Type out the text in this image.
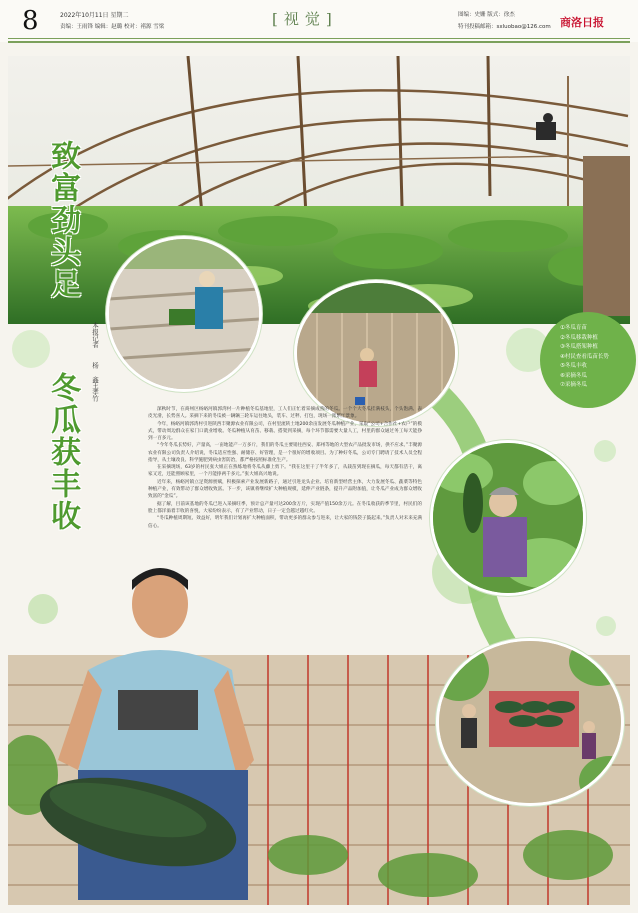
8	2022年10月11日 星期二
责编：王雨锋 编辑：赵璐 校对：褚源 雪梁	[视觉]	图编：史姗 版式：徐杰
特刊投稿邮箱：sxluobao@126.com 商洛日报
致富劲头足
冬瓜获丰收
本报记者
杨 鑫
王孝竹
①冬瓜育苗
②冬瓜移栽种植
③冬瓜搭架种植
④村民查看瓜苗长势
⑤冬瓜丰收
⑥采摘冬瓜
⑦采摘冬瓜

深秋时节，在商州区杨峪河镇郭湾村一片种植冬瓜基地里，工人们正忙着采摘成熟的冬瓜。一个个大冬瓜挂满枝头，个头饱满、表皮光滑，长势喜人。采摘下来的冬瓜被一辆辆三轮车运往地头，装车、过秤、打包，现场一派繁忙景象。

今年，杨峪河镇郭湾村引进陕西丰聚源农业有限公司，在村里流转土地200余亩发展冬瓜种植产业，采取“公司+合作社+农户”的模式，带动周边群众在家门口就业增收。冬瓜种植从育苗、移栽、搭架到采摘，每个环节都需要大量人工，村里的群众通过务工每天能挣到一百多元。

“今年冬瓜长势好，产量高，一亩地能产一万多斤，我们的冬瓜主要销往西安、郑州等地的大型农产品批发市场，供不应求。”丰聚源农业有限公司负责人介绍说，冬瓜适应性强、耐储存、好管理，是一个很好的增收项目。为了种好冬瓜，公司专门聘请了技术人员全程指导，从土壤改良、科学施肥到病虫害防治，都严格按照标准化生产。

在采摘现场，63岁的村民张大姐正在熟练地将冬瓜从藤上剪下。“我在这里干了半年多了，从栽苗到现在摘瓜，每天都有活干，离家又近，还能照顾家里，一个月能挣两千多元。”张大姐高兴地说。

近年来，杨峪河镇立足资源禀赋，积极探索产业发展新路子，通过引进龙头企业、培育新型经营主体，大力发展冬瓜、蔬菜等特色种植产业，有效带动了群众增收致富。下一步，该镇将继续扩大种植规模，延伸产业链条，提升产品附加值，让冬瓜产业成为群众增收致富的“金瓜”。

据了解，目前该基地的冬瓜已进入采摘旺季，预计总产量可达200余万斤，实现产值150余万元。在冬瓜收获的季节里，村民们的脸上都洋溢着丰收的喜悦，大家纷纷表示，有了产业带动，日子一定会越过越红火。

“冬瓜种植周期短、效益好，明年我们计划再扩大种植面积，带动更多的群众参与进来，让大家的钱袋子鼓起来。”负责人对未来充满信心。
